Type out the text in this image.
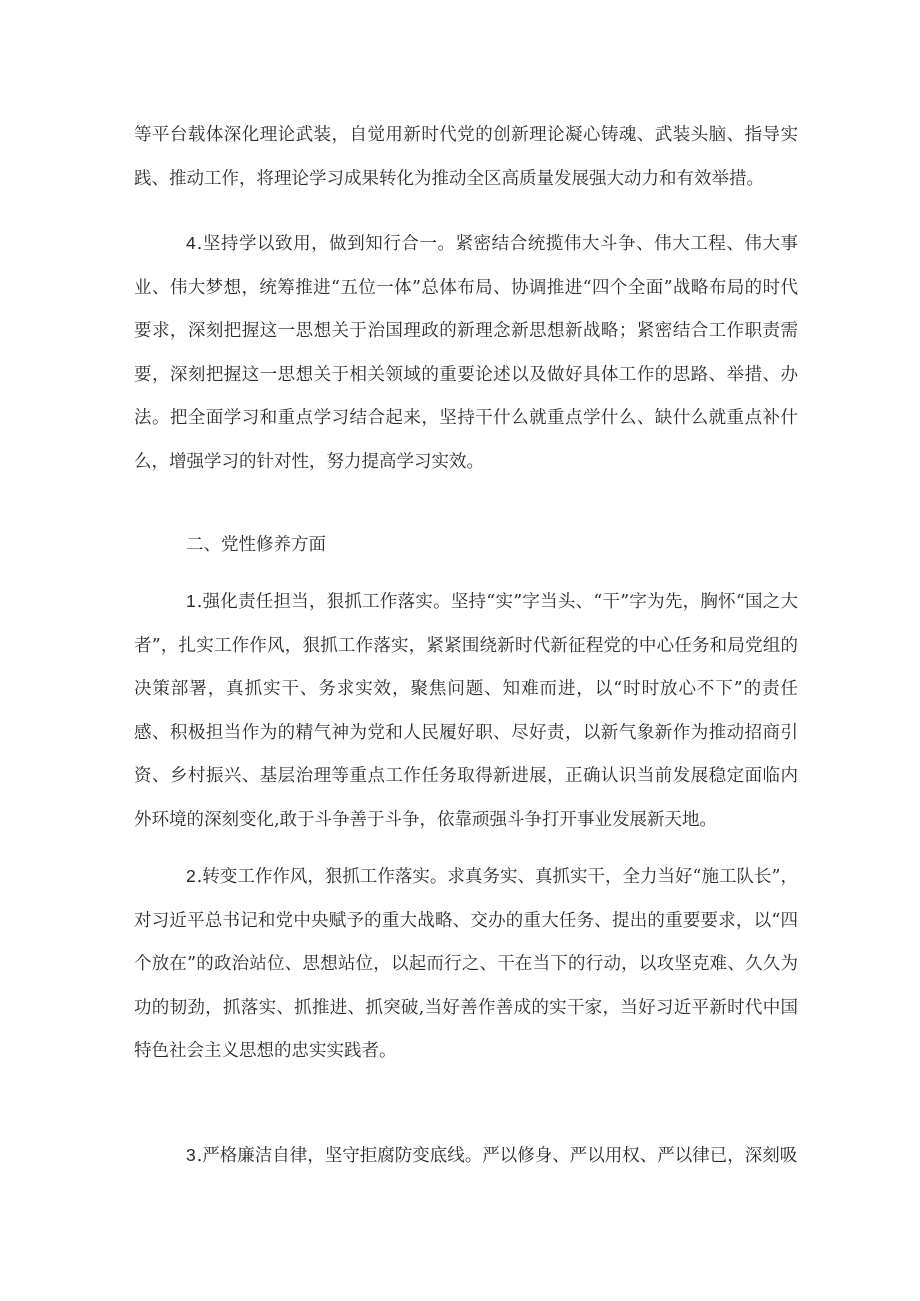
等平台载体深化理论武装，自觉用新时代党的创新理论凝心铸魂、武装头脑、指导实践、推动工作，将理论学习成果转化为推动全区高质量发展强大动力和有效举措。

4.坚持学以致用，做到知行合一。紧密结合统揽伟大斗争、伟大工程、伟大事业、伟大梦想，统筹推进“五位一体”总体布局、协调推进“四个全面”战略布局的时代要求，深刻把握这一思想关于治国理政的新理念新思想新战略；紧密结合工作职责需要，深刻把握这一思想关于相关领域的重要论述以及做好具体工作的思路、举措、办法。把全面学习和重点学习结合起来，坚持干什么就重点学什么、缺什么就重点补什么，增强学习的针对性，努力提高学习实效。

二、党性修养方面

1.强化责任担当，狠抓工作落实。坚持“实”字当头、“干”字为先，胸怀“国之大者”，扎实工作作风，狠抓工作落实，紧紧围绕新时代新征程党的中心任务和局党组的决策部署，真抓实干、务求实效，聚焦问题、知难而进，以“时时放心不下”的责任感、积极担当作为的精气神为党和人民履好职、尽好责，以新气象新作为推动招商引资、乡村振兴、基层治理等重点工作任务取得新进展，正确认识当前发展稳定面临内外环境的深刻变化,敢于斗争善于斗争，依靠顽强斗争打开事业发展新天地。

2.转变工作作风，狠抓工作落实。求真务实、真抓实干，全力当好“施工队长”，对习近平总书记和党中央赋予的重大战略、交办的重大任务、提出的重要要求，以“四个放在”的政治站位、思想站位，以起而行之、干在当下的行动，以攻坚克难、久久为功的韧劲，抓落实、抓推进、抓突破,当好善作善成的实干家，当好习近平新时代中国特色社会主义思想的忠实实践者。

3.严格廉洁自律，坚守拒腐防变底线。严以修身、严以用权、严以律已，深刻吸
